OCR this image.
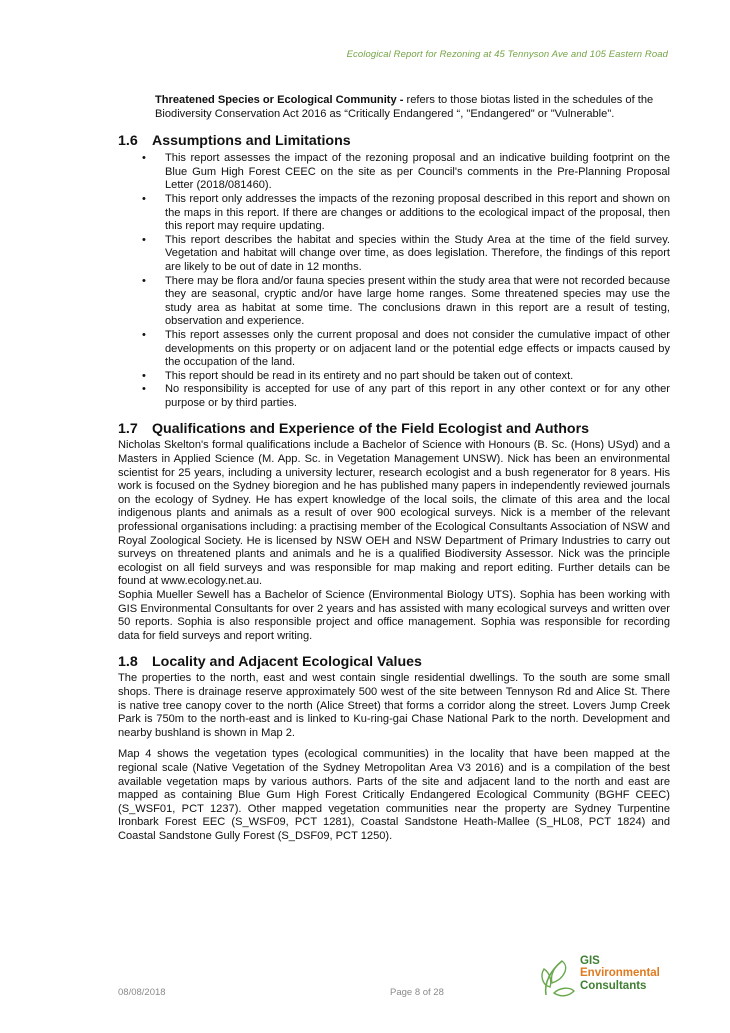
Ecological Report for Rezoning at 45 Tennyson Ave and 105 Eastern Road

Threatened Species or Ecological Community - refers to those biotas listed in the schedules of the Biodiversity Conservation Act 2016 as “Critically Endangered “, "Endangered" or "Vulnerable".

1.6 Assumptions and Limitations
• This report assesses the impact of the rezoning proposal and an indicative building footprint on the Blue Gum High Forest CEEC on the site as per Council's comments in the Pre-Planning Proposal Letter (2018/081460).
• This report only addresses the impacts of the rezoning proposal described in this report and shown on the maps in this report. If there are changes or additions to the ecological impact of the proposal, then this report may require updating.
• This report describes the habitat and species within the Study Area at the time of the field survey. Vegetation and habitat will change over time, as does legislation. Therefore, the findings of this report are likely to be out of date in 12 months.
• There may be flora and/or fauna species present within the study area that were not recorded because they are seasonal, cryptic and/or have large home ranges. Some threatened species may use the study area as habitat at some time. The conclusions drawn in this report are a result of testing, observation and experience.
• This report assesses only the current proposal and does not consider the cumulative impact of other developments on this property or on adjacent land or the potential edge effects or impacts caused by the occupation of the land.
• This report should be read in its entirety and no part should be taken out of context.
• No responsibility is accepted for use of any part of this report in any other context or for any other purpose or by third parties.
1.7 Qualifications and Experience of the Field Ecologist and Authors

Nicholas Skelton's formal qualifications include a Bachelor of Science with Honours (B. Sc. (Hons) USyd) and a Masters in Applied Science (M. App. Sc. in Vegetation Management UNSW). Nick has been an environmental scientist for 25 years, including a university lecturer, research ecologist and a bush regenerator for 8 years. His work is focused on the Sydney bioregion and he has published many papers in independently reviewed journals on the ecology of Sydney. He has expert knowledge of the local soils, the climate of this area and the local indigenous plants and animals as a result of over 900 ecological surveys. Nick is a member of the relevant professional organisations including: a practising member of the Ecological Consultants Association of NSW and Royal Zoological Society. He is licensed by NSW OEH and NSW Department of Primary Industries to carry out surveys on threatened plants and animals and he is a qualified Biodiversity Assessor. Nick was the principle ecologist on all field surveys and was responsible for map making and report editing. Further details can be found at www.ecology.net.au.

Sophia Mueller Sewell has a Bachelor of Science (Environmental Biology UTS). Sophia has been working with GIS Environmental Consultants for over 2 years and has assisted with many ecological surveys and written over 50 reports. Sophia is also responsible project and office management. Sophia was responsible for recording data for field surveys and report writing.

1.8 Locality and Adjacent Ecological Values

The properties to the north, east and west contain single residential dwellings. To the south are some small shops. There is drainage reserve approximately 500 west of the site between Tennyson Rd and Alice St. There is native tree canopy cover to the north (Alice Street) that forms a corridor along the street. Lovers Jump Creek Park is 750m to the north-east and is linked to Ku-ring-gai Chase National Park to the north. Development and nearby bushland is shown in Map 2.

Map 4 shows the vegetation types (ecological communities) in the locality that have been mapped at the regional scale (Native Vegetation of the Sydney Metropolitan Area V3 2016) and is a compilation of the best available vegetation maps by various authors. Parts of the site and adjacent land to the north and east are mapped as containing Blue Gum High Forest Critically Endangered Ecological Community (BGHF CEEC) (S_WSF01, PCT 1237). Other mapped vegetation communities near the property are Sydney Turpentine Ironbark Forest EEC (S_WSF09, PCT 1281), Coastal Sandstone Heath-Mallee (S_HL08, PCT 1824) and Coastal Sandstone Gully Forest (S_DSF09, PCT 1250).

08/08/2018	Page 8 of 28
GIS
Environmental
Consultants
